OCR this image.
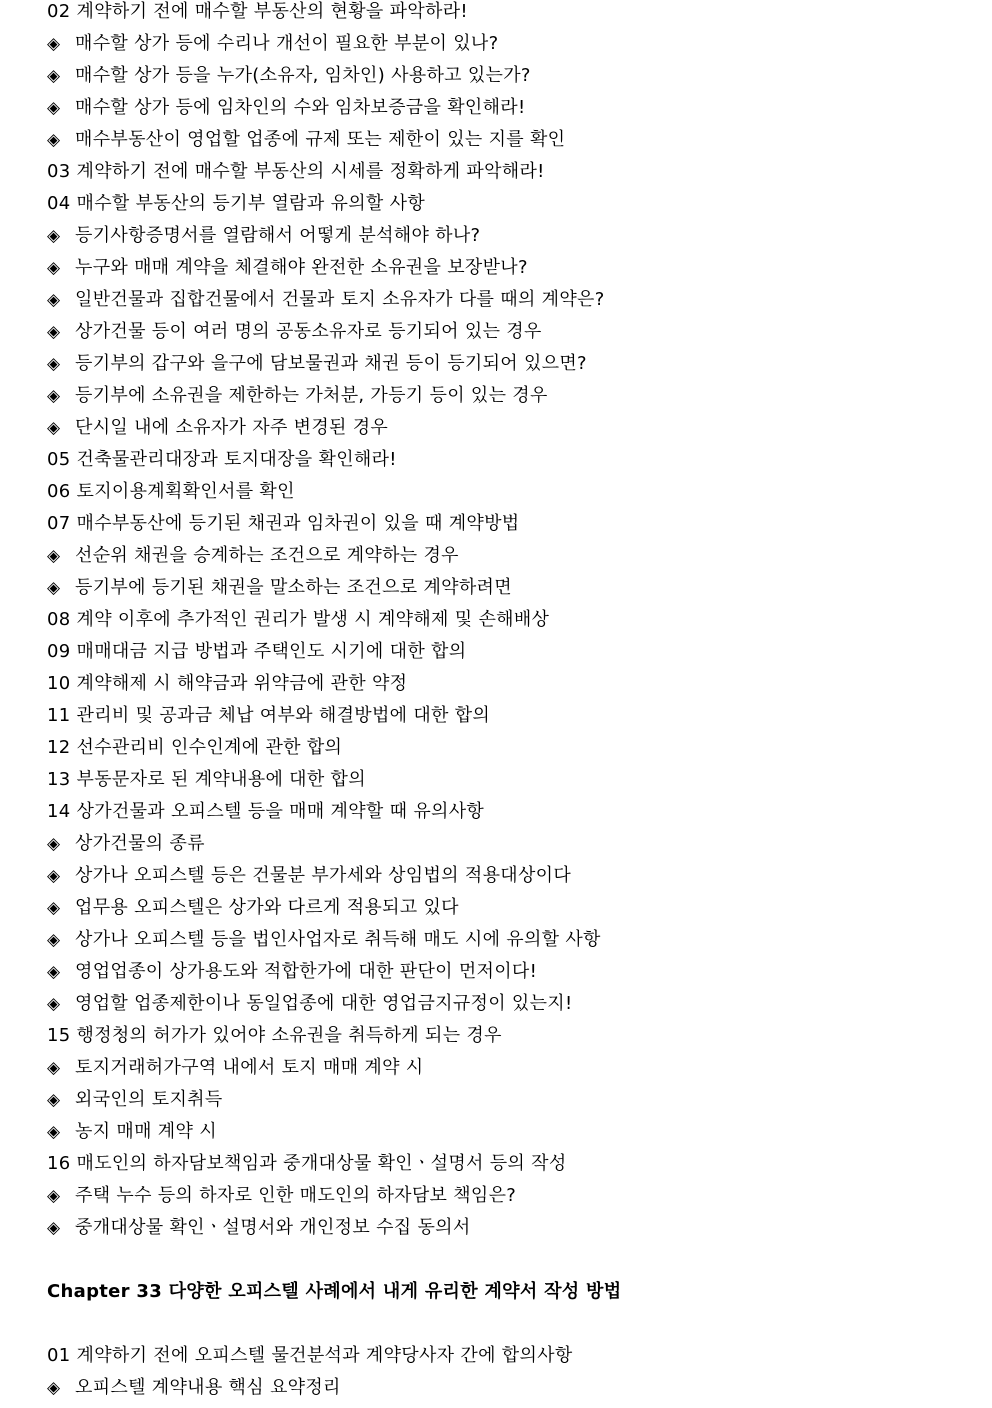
02 계약하기 전에 매수할 부동산의 현황을 파악하라!
◈ 매수할 상가 등에 수리나 개선이 필요한 부분이 있나?
◈ 매수할 상가 등을 누가(소유자, 임차인) 사용하고 있는가?
◈ 매수할 상가 등에 임차인의 수와 임차보증금을 확인해라!
◈ 매수부동산이 영업할 업종에 규제 또는 제한이 있는 지를 확인
03 계약하기 전에 매수할 부동산의 시세를 정확하게 파악해라!
04 매수할 부동산의 등기부 열람과 유의할 사항
◈ 등기사항증명서를 열람해서 어떻게 분석해야 하나?
◈ 누구와 매매 계약을 체결해야 완전한 소유권을 보장받나?
◈ 일반건물과 집합건물에서 건물과 토지 소유자가 다를 때의 계약은?
◈ 상가건물 등이 여러 명의 공동소유자로 등기되어 있는 경우
◈ 등기부의 갑구와 을구에 담보물권과 채권 등이 등기되어 있으면?
◈ 등기부에 소유권을 제한하는 가처분, 가등기 등이 있는 경우
◈ 단시일 내에 소유자가 자주 변경된 경우
05 건축물관리대장과 토지대장을 확인해라!
06 토지이용계획확인서를 확인
07 매수부동산에 등기된 채권과 임차권이 있을 때 계약방법
◈ 선순위 채권을 승계하는 조건으로 계약하는 경우
◈ 등기부에 등기된 채권을 말소하는 조건으로 계약하려면
08 계약 이후에 추가적인 권리가 발생 시 계약해제 및 손해배상
09 매매대금 지급 방법과 주택인도 시기에 대한 합의
10 계약해제 시 해약금과 위약금에 관한 약정
11 관리비 및 공과금 체납 여부와 해결방법에 대한 합의
12 선수관리비 인수인계에 관한 합의
13 부동문자로 된 계약내용에 대한 합의
14 상가건물과 오피스텔 등을 매매 계약할 때 유의사항
◈ 상가건물의 종류
◈ 상가나 오피스텔 등은 건물분 부가세와 상임법의 적용대상이다
◈ 업무용 오피스텔은 상가와 다르게 적용되고 있다
◈ 상가나 오피스텔 등을 법인사업자로 취득해 매도 시에 유의할 사항
◈ 영업업종이 상가용도와 적합한가에 대한 판단이 먼저이다!
◈ 영업할 업종제한이나 동일업종에 대한 영업금지규정이 있는지!
15 행정청의 허가가 있어야 소유권을 취득하게 되는 경우
◈ 토지거래허가구역 내에서 토지 매매 계약 시
◈ 외국인의 토지취득
◈ 농지 매매 계약 시
16 매도인의 하자담보책임과 중개대상물 확인ㆍ설명서 등의 작성
◈ 주택 누수 등의 하자로 인한 매도인의 하자담보 책임은?
◈ 중개대상물 확인ㆍ설명서와 개인정보 수집 동의서
Chapter 33 다양한 오피스텔 사례에서 내게 유리한 계약서 작성 방법
01 계약하기 전에 오피스텔 물건분석과 계약당사자 간에 합의사항
◈ 오피스텔 계약내용 핵심 요약정리
